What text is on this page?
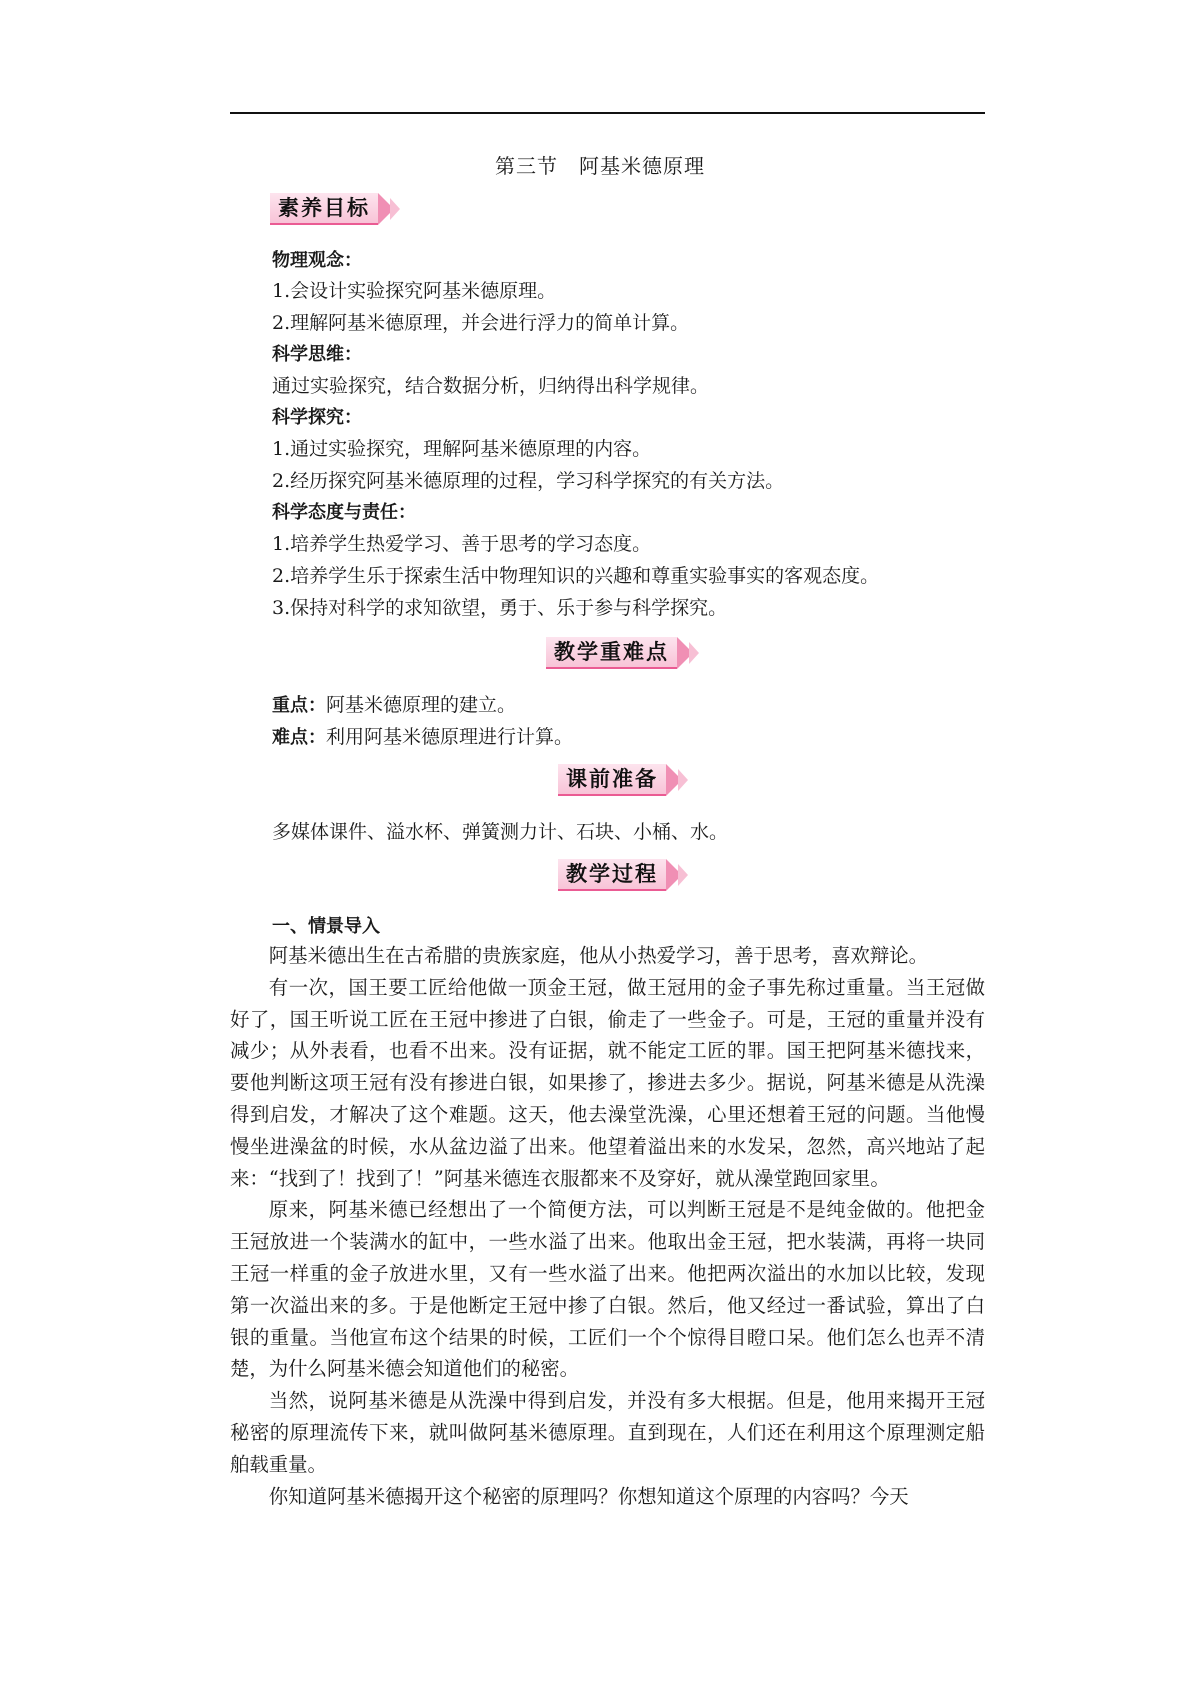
第三节　阿基米德原理
素养目标
物理观念：
1.会设计实验探究阿基米德原理。
2.理解阿基米德原理，并会进行浮力的简单计算。
科学思维：
通过实验探究，结合数据分析，归纳得出科学规律。
科学探究：
1.通过实验探究，理解阿基米德原理的内容。
2.经历探究阿基米德原理的过程，学习科学探究的有关方法。
科学态度与责任：
1.培养学生热爱学习、善于思考的学习态度。
2.培养学生乐于探索生活中物理知识的兴趣和尊重实验事实的客观态度。
3.保持对科学的求知欲望，勇于、乐于参与科学探究。
教学重难点
重点：阿基米德原理的建立。
难点：利用阿基米德原理进行计算。
课前准备
多媒体课件、溢水杯、弹簧测力计、石块、小桶、水。
教学过程
一、情景导入
阿基米德出生在古希腊的贵族家庭，他从小热爱学习，善于思考，喜欢辩论。
有一次，国王要工匠给他做一顶金王冠，做王冠用的金子事先称过重量。当王冠做好了，国王听说工匠在王冠中掺进了白银，偷走了一些金子。可是，王冠的重量并没有减少；从外表看，也看不出来。没有证据，就不能定工匠的罪。国王把阿基米德找来，要他判断这项王冠有没有掺进白银，如果掺了，掺进去多少。据说，阿基米德是从洗澡得到启发，才解决了这个难题。这天，他去澡堂洗澡，心里还想着王冠的问题。当他慢慢坐进澡盆的时候，水从盆边溢了出来。他望着溢出来的水发呆，忽然，高兴地站了起来：“找到了！找到了！”阿基米德连衣服都来不及穿好，就从澡堂跑回家里。
原来，阿基米德已经想出了一个简便方法，可以判断王冠是不是纯金做的。他把金王冠放进一个装满水的缸中，一些水溢了出来。他取出金王冠，把水装满，再将一块同王冠一样重的金子放进水里，又有一些水溢了出来。他把两次溢出的水加以比较，发现第一次溢出来的多。于是他断定王冠中掺了白银。然后，他又经过一番试验，算出了白银的重量。当他宣布这个结果的时候，工匠们一个个惊得目瞪口呆。他们怎么也弄不清楚，为什么阿基米德会知道他们的秘密。
当然，说阿基米德是从洗澡中得到启发，并没有多大根据。但是，他用来揭开王冠秘密的原理流传下来，就叫做阿基米德原理。直到现在，人们还在利用这个原理测定船舶载重量。
你知道阿基米德揭开这个秘密的原理吗？你想知道这个原理的内容吗？今天
